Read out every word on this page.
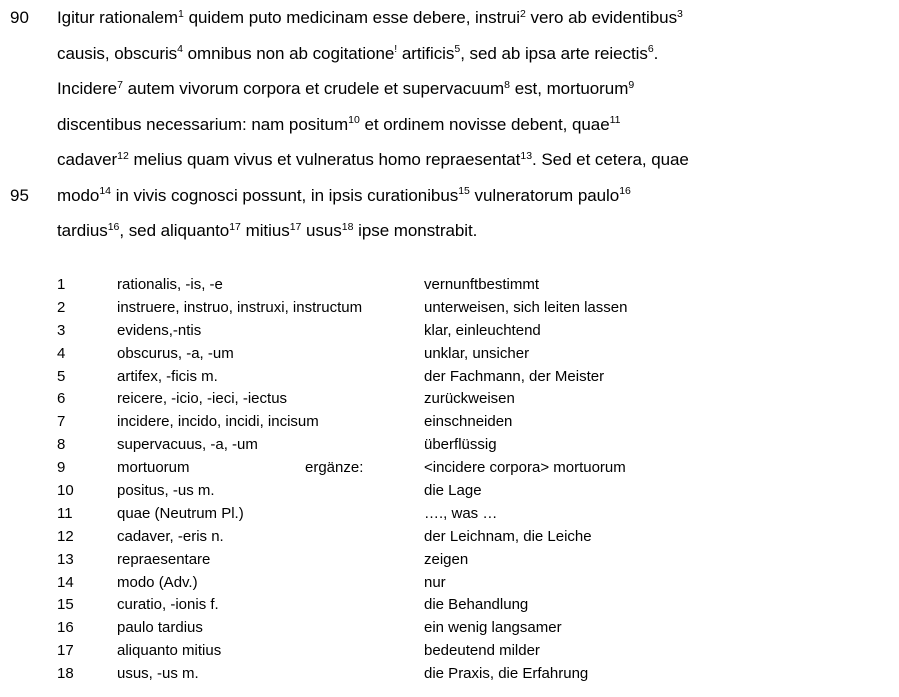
90	Igitur rationalem$^1$ quidem puto medicinam esse debere, instrui$^2$ vero ab evidentibus$^3$
causis, obscuris$^4$ omnibus non ab cogitatione! artificis$^5$, sed ab ipsa arte reiectis$^6$.
Incidere$^7$ autem vivorum corpora et crudele et supervacuum$^8$ est, mortuorum$^9$
discentibus necessarium: nam positum$^{10}$ et ordinem novisse debent, quae$^{11}$
cadaver$^{12}$ melius quam vivus et vulneratus homo repraesentat$^{13}$. Sed et cetera, quae
95	modo$^{14}$ in vivis cognosci possunt, in ipsis curationibus$^{15}$ vulneratorum paulo$^{16}$
tardius$^{16}$, sed aliquanto$^{17}$ mitius$^{17}$ usus$^{18}$ ipse monstrabit.
1	rationalis, -is, -e	vernunftbestimmt
2	instruere, instruo, instruxi, instructum	unterweisen, sich leiten lassen
3	evidens,-ntis	klar, einleuchtend
4	obscurus, -a, -um	unklar, unsicher
5	artifex, -ficis m.	der Fachmann, der Meister
6	reicere, -icio, -ieci, -iectus	zurückweisen
7	incidere, incido, incidi, incisum	einschneiden
8	supervacuus, -a, -um	überflüssig
9	mortuorum	ergänze:	<incidere corpora> mortuorum
10	positus, -us m.	die Lage
11	quae (Neutrum Pl.)	…., was …
12	cadaver, -eris n.	der Leichnam, die Leiche
13	repraesentare	zeigen
14	modo (Adv.)	nur
15	curatio, -ionis f.	die Behandlung
16	paulo tardius	ein wenig langsamer
17	aliquanto mitius	bedeutend milder
18	usus, -us m.	die Praxis, die Erfahrung
